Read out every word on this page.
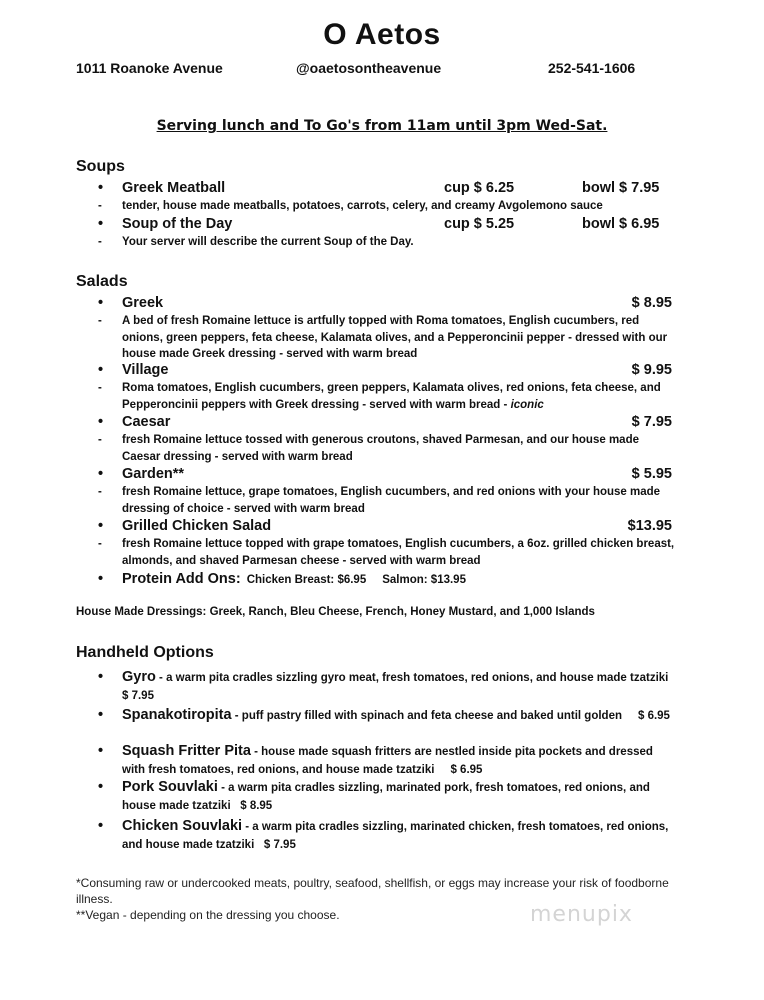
O Aetos
1011 Roanoke Avenue	@oaetosontheavenue	252-541-1606
Serving lunch and To Go's from 11am until 3pm Wed-Sat.
Soups
• Greek Meatball	cup $ 6.25	bowl $ 7.95
- tender, house made meatballs, potatoes, carrots, celery, and creamy Avgolemono sauce
• Soup of the Day	cup $ 5.25	bowl $ 6.95
- Your server will describe the current Soup of the Day.
Salads
• Greek	$ 8.95
- A bed of fresh Romaine lettuce is artfully topped with Roma tomatoes, English cucumbers, red onions, green peppers, feta cheese, Kalamata olives, and a Pepperoncinii pepper - dressed with our house made Greek dressing - served with warm bread
• Village	$ 9.95
- Roma tomatoes, English cucumbers, green peppers, Kalamata olives, red onions, feta cheese, and Pepperoncinii peppers with Greek dressing - served with warm bread - iconic
• Caesar	$ 7.95
- fresh Romaine lettuce tossed with generous croutons, shaved Parmesan, and our house made Caesar dressing - served with warm bread
• Garden**	$ 5.95
- fresh Romaine lettuce, grape tomatoes, English cucumbers, and red onions with your house made dressing of choice - served with warm bread
• Grilled Chicken Salad	$13.95
- fresh Romaine lettuce topped with grape tomatoes, English cucumbers, a 6oz. grilled chicken breast, almonds, and shaved Parmesan cheese - served with warm bread
• Protein Add Ons: Chicken Breast: $6.95 Salmon: $13.95
House Made Dressings: Greek, Ranch, Bleu Cheese, French, Honey Mustard, and 1,000 Islands
Handheld Options
• Gyro - a warm pita cradles sizzling gyro meat, fresh tomatoes, red onions, and house made tzatziki  $ 7.95
• Spanakotiropita - puff pastry filled with spinach and feta cheese and baked until golden $ 6.95
• Squash Fritter Pita - house made squash fritters are nestled inside pita pockets and dressed with fresh tomatoes, red onions, and house made tzatziki $ 6.95
• Pork Souvlaki - a warm pita cradles sizzling, marinated pork, fresh tomatoes, red onions, and house made tzatziki $ 8.95
• Chicken Souvlaki - a warm pita cradles sizzling, marinated chicken, fresh tomatoes, red onions, and house made tzatziki $ 7.95
*Consuming raw or undercooked meats, poultry, seafood, shellfish, or eggs may increase your risk of foodborne illness.
**Vegan - depending on the dressing you choose.	menupix
